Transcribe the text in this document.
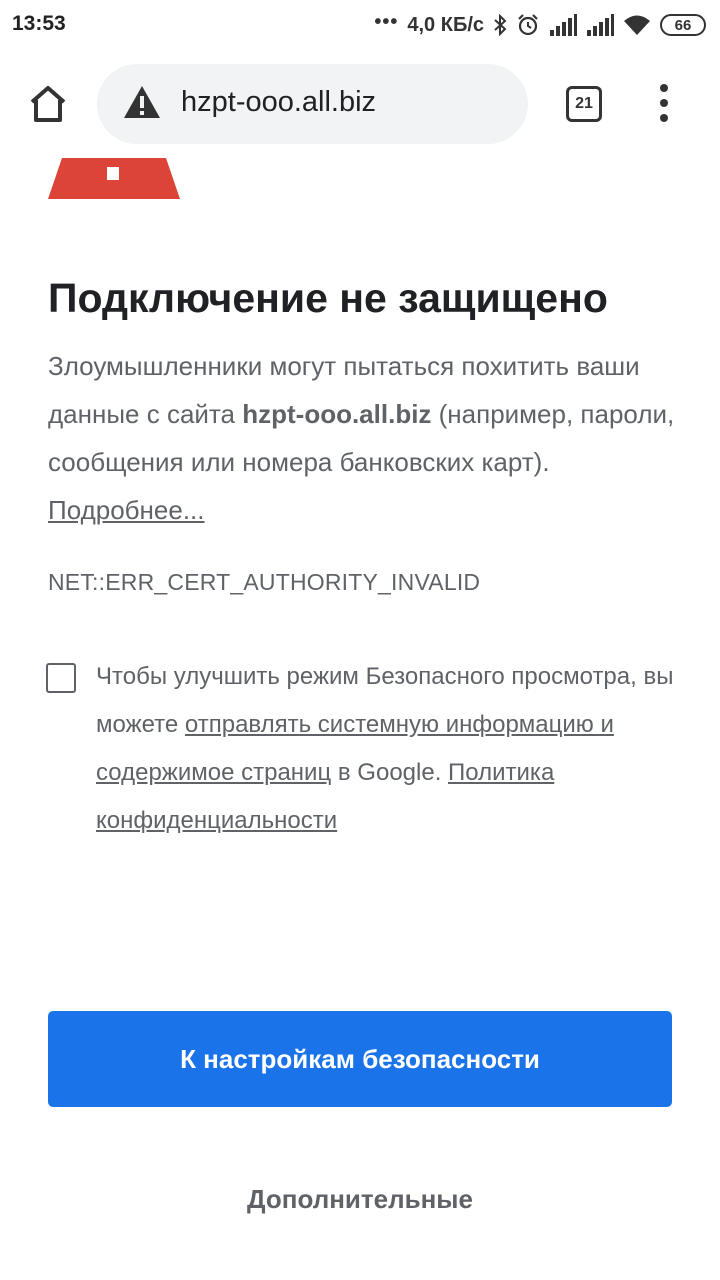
13:53	••• 4,0 КБ/с	66
hzpt-ooo.all.biz	21
Подключение не защищено

Злоумышленники могут пытаться похитить ваши данные с сайта hzpt-ooo.all.biz (например, пароли, сообщения или номера банковских карт). Подробнее...

NET::ERR_CERT_AUTHORITY_INVALID

Чтобы улучшить режим Безопасного просмотра, вы можете отправлять системную информацию и содержимое страниц в Google. Политика конфиденциальности

К настройкам безопасности
Дополнительные
